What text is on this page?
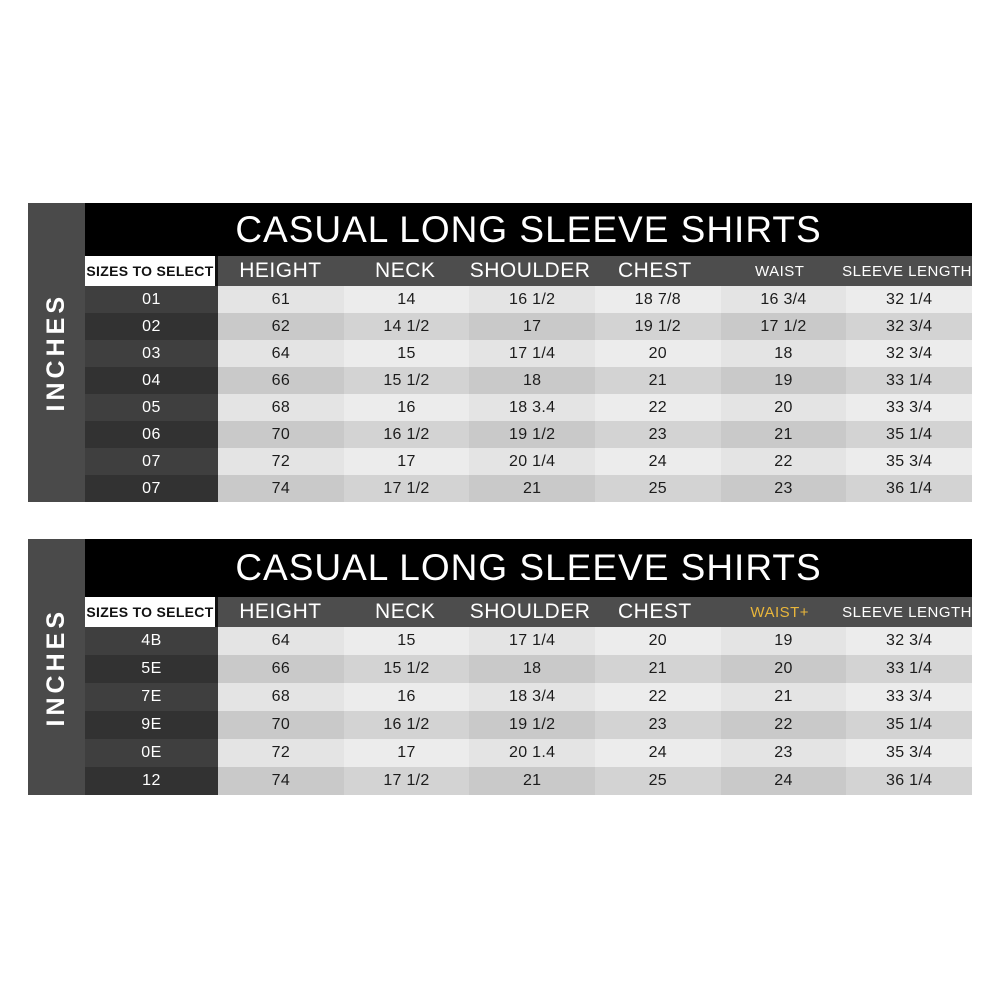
INCHES
CASUAL LONG SLEEVE SHIRTS
SIZES TO SELECT	HEIGHT	NECK	SHOULDER	CHEST	WAIST	SLEEVE LENGTH
01	61	14	16 1/2	18 7/8	16 3/4	32 1/4
02	62	14 1/2	17	19 1/2	17 1/2	32 3/4
03	64	15	17 1/4	20	18	32 3/4
04	66	15 1/2	18	21	19	33 1/4
05	68	16	18 3.4	22	20	33 3/4
06	70	16 1/2	19 1/2	23	21	35 1/4
07	72	17	20 1/4	24	22	35 3/4
07	74	17 1/2	21	25	23	36 1/4
INCHES
CASUAL LONG SLEEVE SHIRTS
SIZES TO SELECT	HEIGHT	NECK	SHOULDER	CHEST	WAIST+	SLEEVE LENGTH
4B	64	15	17 1/4	20	19	32 3/4
5E	66	15 1/2	18	21	20	33 1/4
7E	68	16	18 3/4	22	21	33 3/4
9E	70	16 1/2	19 1/2	23	22	35 1/4
0E	72	17	20 1.4	24	23	35 3/4
12	74	17 1/2	21	25	24	36 1/4
